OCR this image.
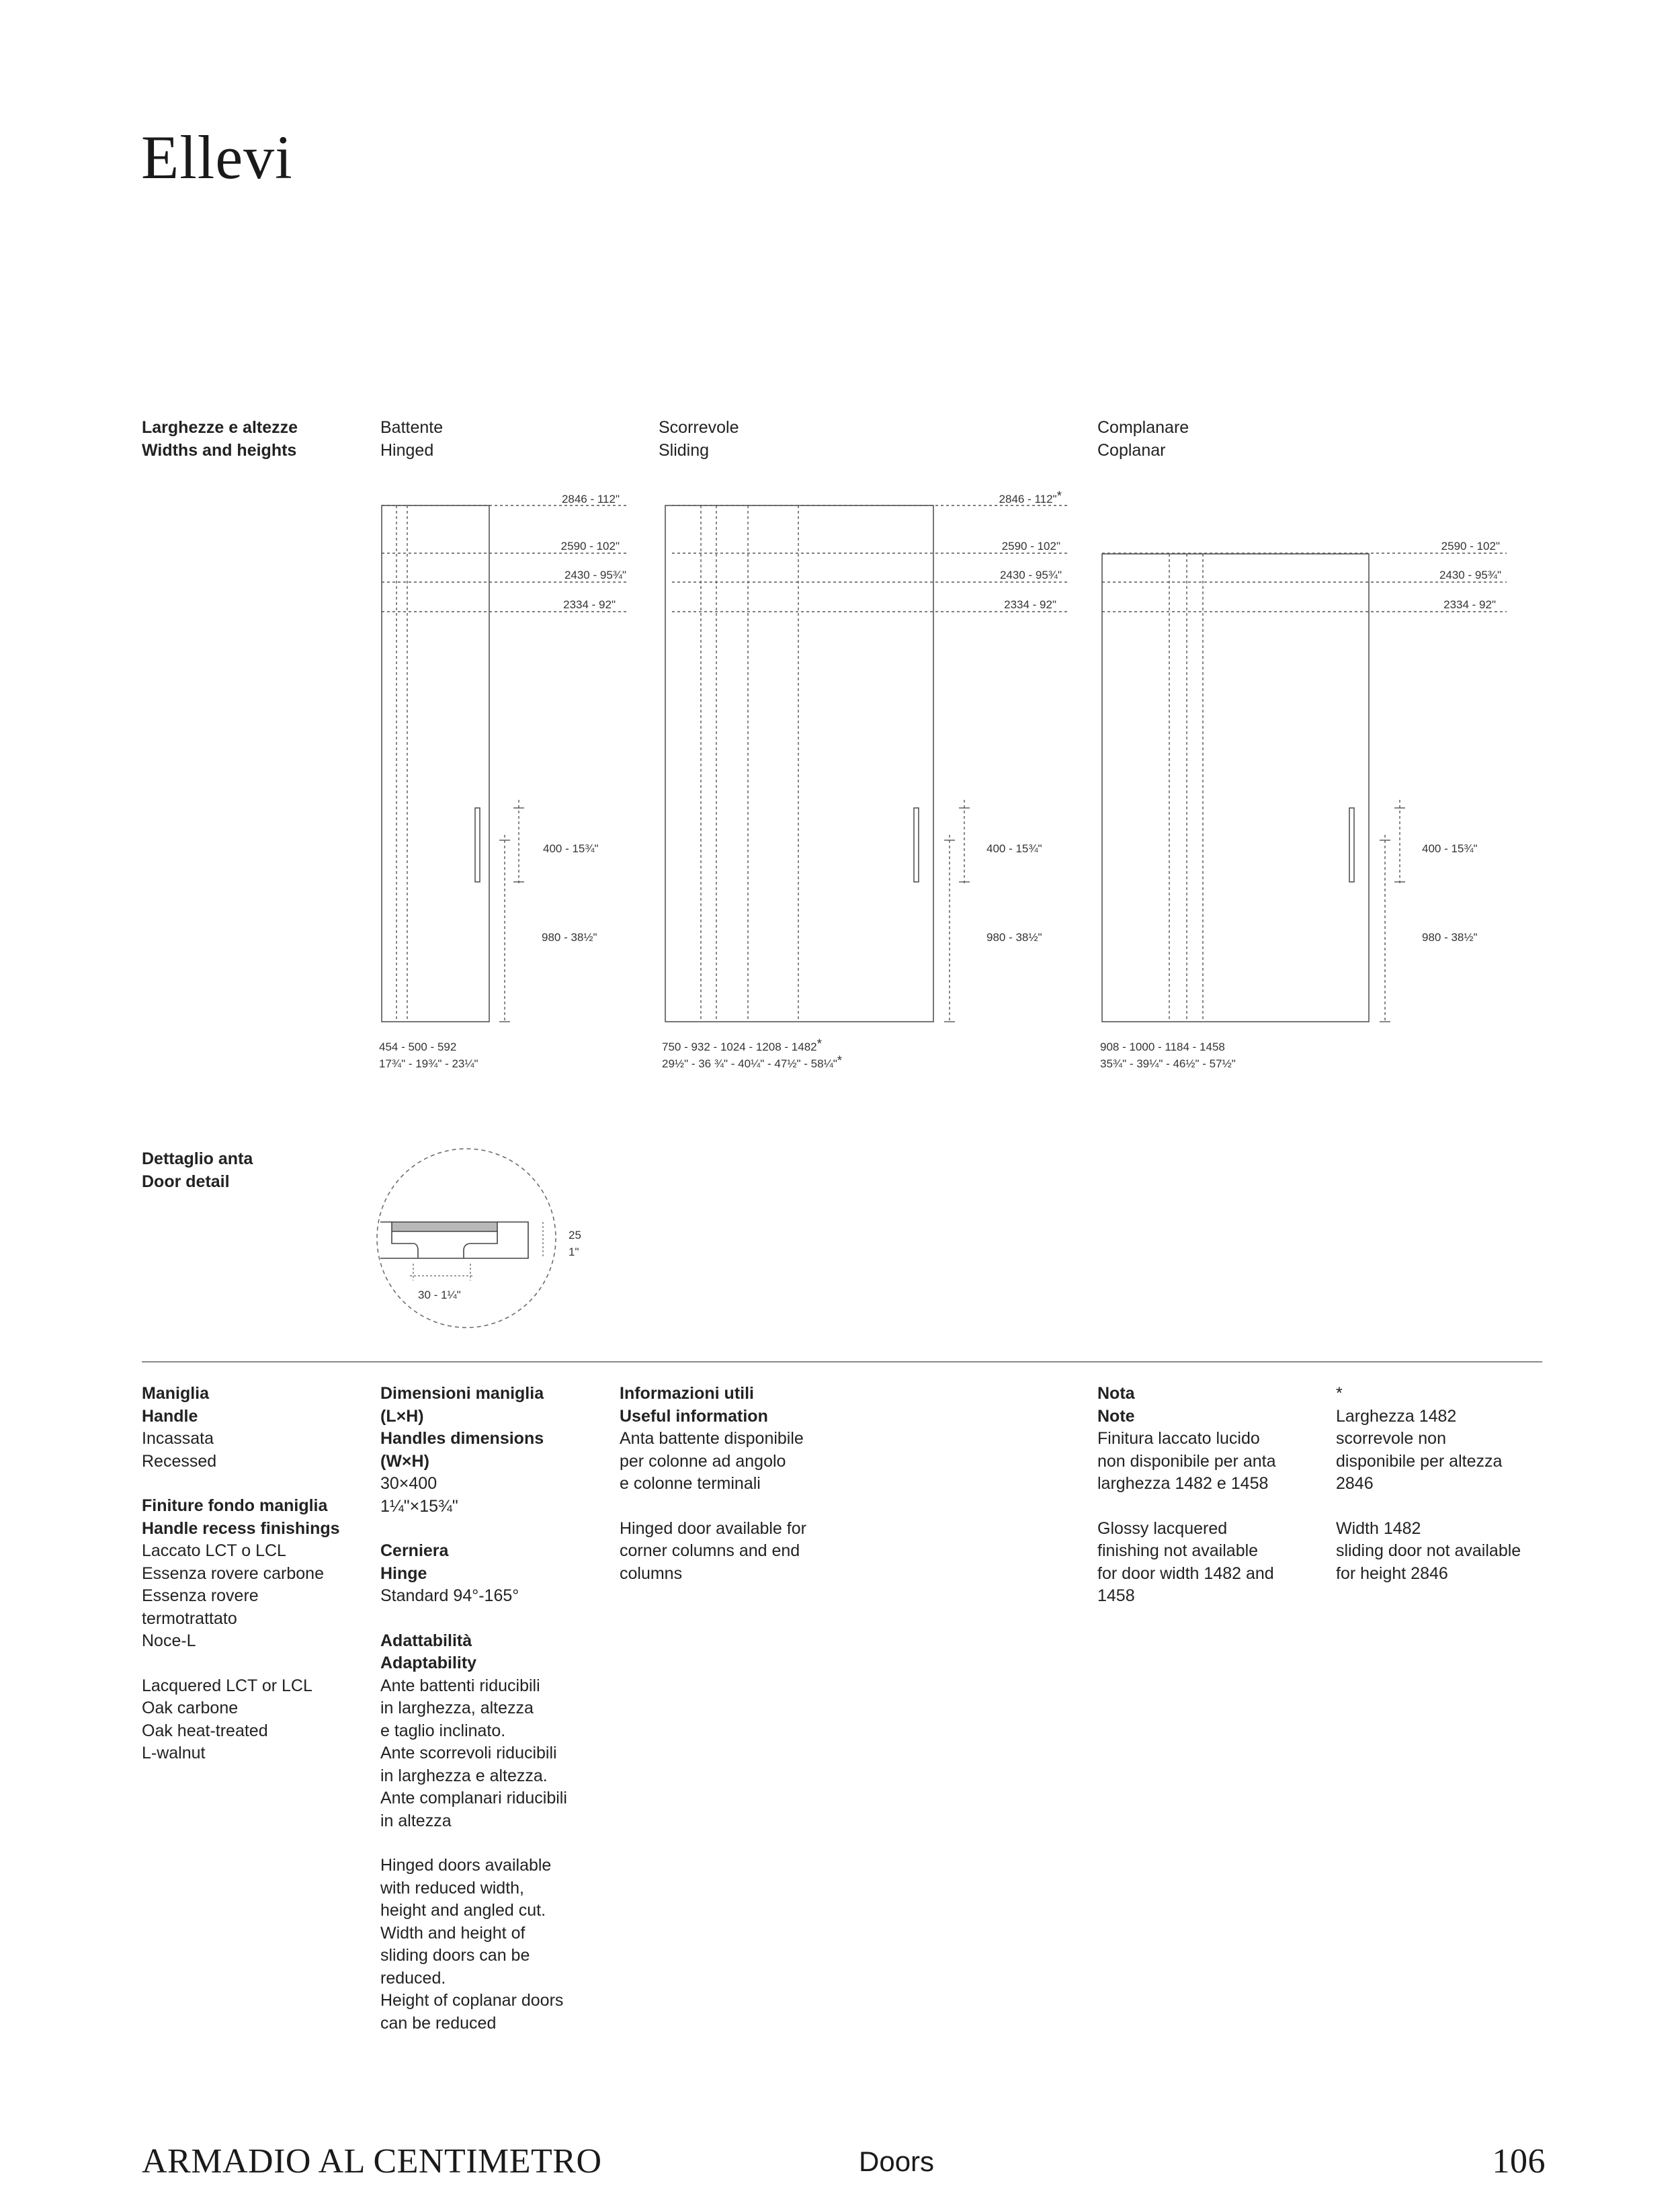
Ellevi
Larghezze e altezze
Widths and heights
Battente
Hinged
Scorrevole
Sliding
Complanare
Coplanar
2846 - 112"
2590 - 102"
2430 - 95¾"
2334 - 92"
400 - 15¾"
980 - 38½"
454 - 500 - 592
17¾" - 19¾" - 23¼"
2846 - 112"*
2590 - 102"
2430 - 95¾"
2334 - 92"
400 - 15¾"
980 - 38½"
750 - 932 - 1024 - 1208 - 1482*
29½" - 36 ¾" - 40¼" - 47½" - 58¼"*
2590 - 102"
2430 - 95¾"
2334 - 92"
400 - 15¾"
980 - 38½"
908 - 1000 - 1184 - 1458
35¾" - 39¼" - 46½" - 57½"
Dettaglio anta
Door detail
25
1"
30 - 1¼"
Maniglia
Handle
Incassata
Recessed
Finiture fondo maniglia
Handle recess finishings
Laccato LCT o LCL
Essenza rovere carbone
Essenza rovere
termotrattato
Noce-L
Lacquered LCT or LCL
Oak carbone
Oak heat-treated
L-walnut
Dimensioni maniglia
(L×H)
Handles dimensions
(W×H)
30×400
1¼"×15¾"
Cerniera
Hinge
Standard 94°-165°
Adattabilità
Adaptability
Ante battenti riducibili
in larghezza, altezza
e taglio inclinato.
Ante scorrevoli riducibili
in larghezza e altezza.
Ante complanari riducibili
in altezza
Hinged doors available
with reduced width,
height and angled cut.
Width and height of
sliding doors can be
reduced.
Height of coplanar doors
can be reduced
Informazioni utili
Useful information
Anta battente disponibile
per colonne ad angolo
e colonne terminali
Hinged door available for
corner columns and end
columns
Nota
Note
Finitura laccato lucido
non disponibile per anta
larghezza 1482 e 1458
Glossy lacquered
finishing not available
for door width 1482 and
1458
*
Larghezza 1482
scorrevole non
disponibile per altezza
2846
Width 1482
sliding door not available
for height 2846
ARMADIO AL CENTIMETRO	Doors	106
